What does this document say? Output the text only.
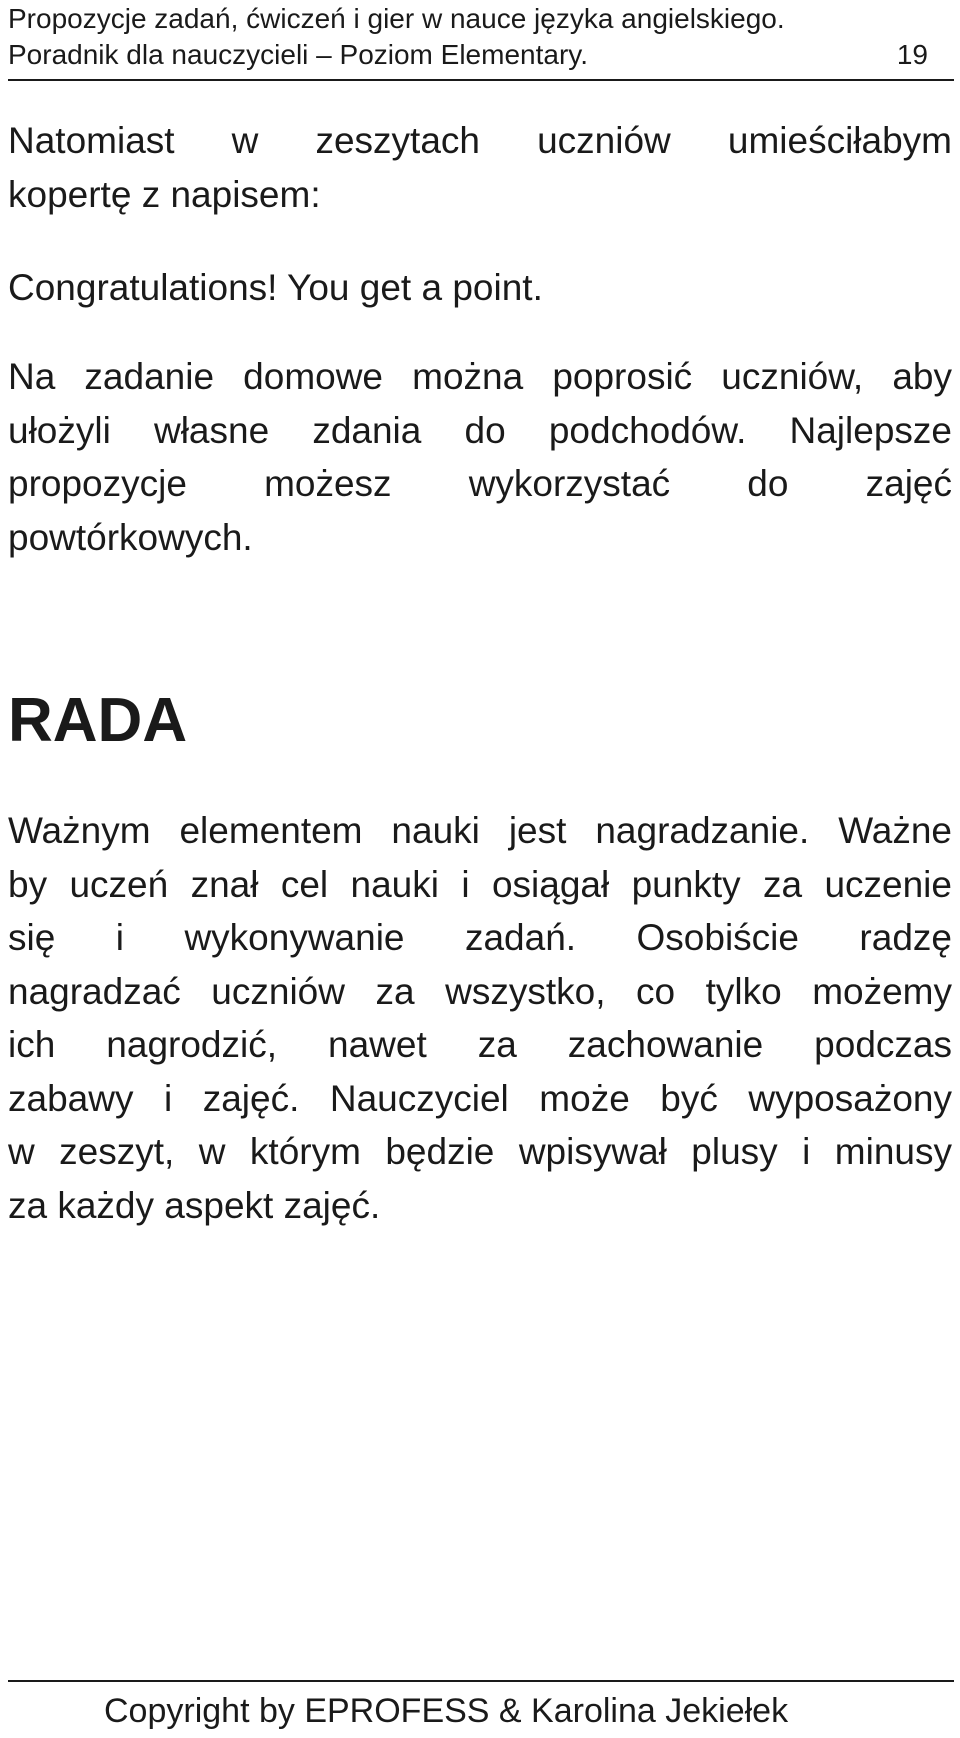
Propozycje zadań, ćwiczeń i gier w nauce języka angielskiego.
Poradnik dla nauczycieli – Poziom Elementary.	19
Natomiast w zeszytach uczniów umieściłabym
kopertę z napisem:
Congratulations! You get a point.
Na zadanie domowe można poprosić uczniów, aby
ułożyli własne zdania do podchodów. Najlepsze
propozycje możesz wykorzystać do zajęć
powtórkowych.
RADA
Ważnym elementem nauki jest nagradzanie. Ważne
by uczeń znał cel nauki i osiągał punkty za uczenie
się i wykonywanie zadań. Osobiście radzę
nagradzać uczniów za wszystko, co tylko możemy
ich nagrodzić, nawet za zachowanie podczas
zabawy i zajęć. Nauczyciel może być wyposażony
w zeszyt, w którym będzie wpisywał plusy i minusy
za każdy aspekt zajęć.
Copyright by EPROFESS & Karolina Jekiełek
